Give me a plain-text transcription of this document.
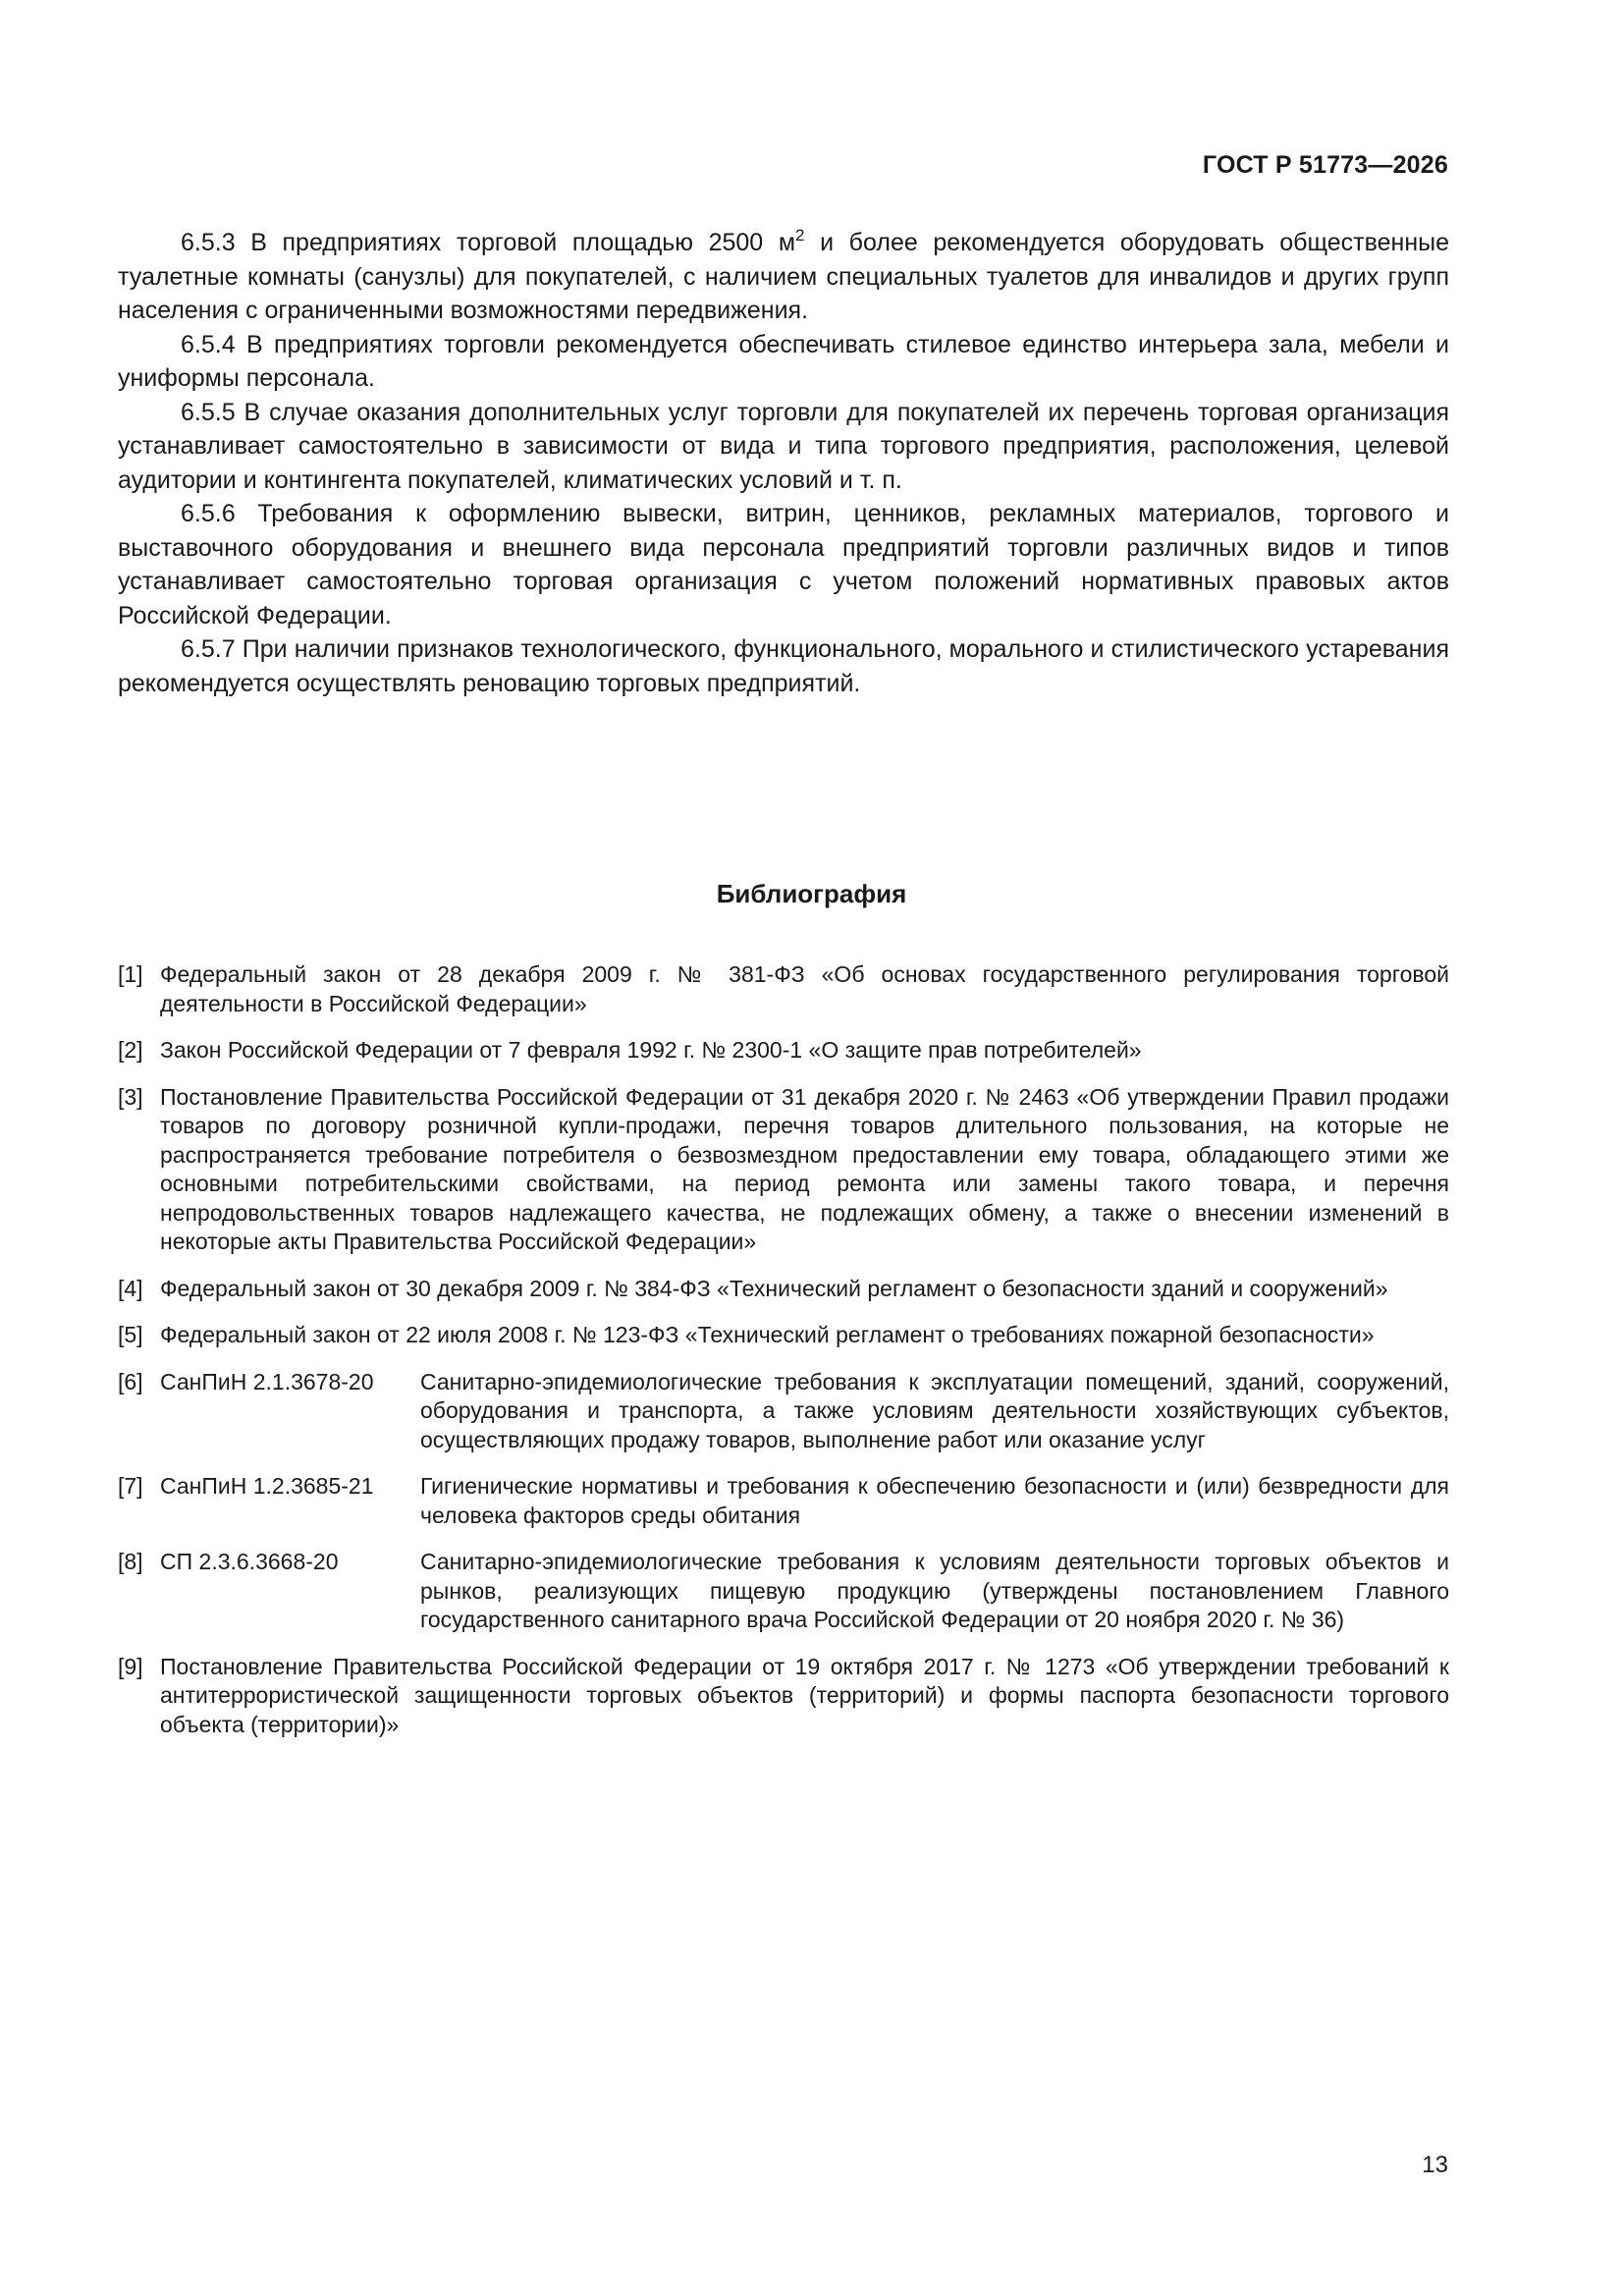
ГОСТ Р 51773—2026

6.5.3 В предприятиях торговой площадью 2500 $м^2$ и более рекомендуется оборудовать общественные туалетные комнаты (санузлы) для покупателей, с наличием специальных туалетов для инвалидов и других групп населения с ограниченными возможностями передвижения.

6.5.4 В предприятиях торговли рекомендуется обеспечивать стилевое единство интерьера зала, мебели и униформы персонала.

6.5.5 В случае оказания дополнительных услуг торговли для покупателей их перечень торговая организация устанавливает самостоятельно в зависимости от вида и типа торгового предприятия, расположения, целевой аудитории и контингента покупателей, климатических условий и т. п.

6.5.6 Требования к оформлению вывески, витрин, ценников, рекламных материалов, торгового и выставочного оборудования и внешнего вида персонала предприятий торговли различных видов и типов устанавливает самостоятельно торговая организация с учетом положений нормативных правовых актов Российской Федерации.

6.5.7 При наличии признаков технологического, функционального, морального и стилистического устаревания рекомендуется осуществлять реновацию торговых предприятий.

Библиография
[1] Федеральный закон от 28 декабря 2009 г. № 381-ФЗ «Об основах государственного регулирования торговой деятельности в Российской Федерации»
[2] Закон Российской Федерации от 7 февраля 1992 г. № 2300-1 «О защите прав потребителей»
[3] Постановление Правительства Российской Федерации от 31 декабря 2020 г. № 2463 «Об утверждении Правил продажи товаров по договору розничной купли-продажи, перечня товаров длительного пользования, на которые не распространяется требование потребителя о безвозмездном предоставлении ему товара, обладающего этими же основными потребительскими свойствами, на период ремонта или замены такого товара, и перечня непродовольственных товаров надлежащего качества, не подлежащих обмену, а также о внесении изменений в некоторые акты Правительства Российской Федерации»
[4] Федеральный закон от 30 декабря 2009 г. № 384-ФЗ «Технический регламент о безопасности зданий и сооружений»
[5] Федеральный закон от 22 июля 2008 г. № 123-ФЗ «Технический регламент о требованиях пожарной безопасности»
[6] СанПиН 2.1.3678-20 Санитарно-эпидемиологические требования к эксплуатации помещений, зданий, сооружений, оборудования и транспорта, а также условиям деятельности хозяйствующих субъектов, осуществляющих продажу товаров, выполнение работ или оказание услуг
[7] СанПиН 1.2.3685-21 Гигиенические нормативы и требования к обеспечению безопасности и (или) безвредности для человека факторов среды обитания
[8] СП 2.3.6.3668-20	Санитарно-эпидемиологические требования к условиям деятельности торговых объектов и рынков, реализующих пищевую продукцию (утверждены постановлением Главного государственного санитарного врача Российской Федерации от 20 ноября 2020 г. № 36)
[9] Постановление Правительства Российской Федерации от 19 октября 2017 г. № 1273 «Об утверждении требований к антитеррористической защищенности торговых объектов (территорий) и формы паспорта безопасности торгового объекта (территории)»
13
